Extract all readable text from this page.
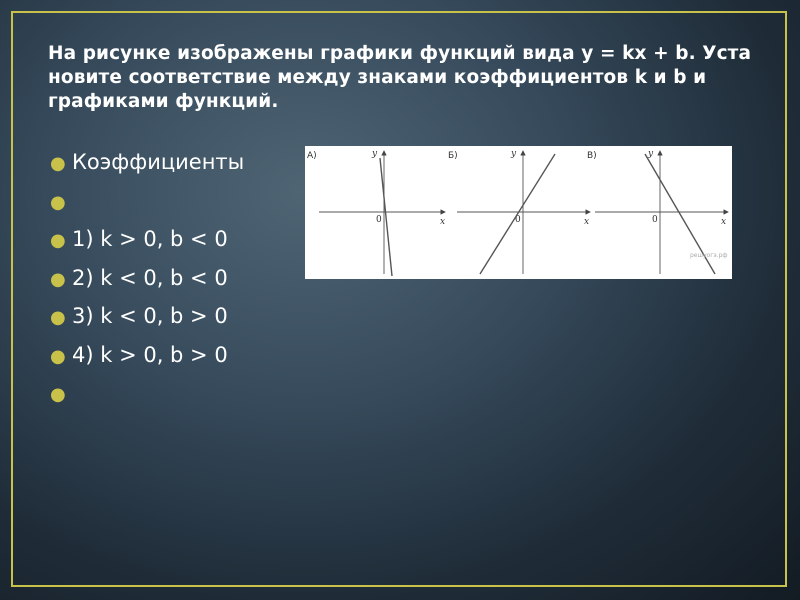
На рисунке изображены графики функций вида y = kx + b. Уста новите соответствие между знаками коэффициентов k и b и графиками функций.
● Коэффициенты
●
● 1) k > 0, b < 0
● 2) k < 0, b < 0
● 3) k < 0, b > 0
● 4) k > 0, b > 0
●
А)
x
y
0
Б)
x
y
0
В)
x
y
0
решуогэ.рф
